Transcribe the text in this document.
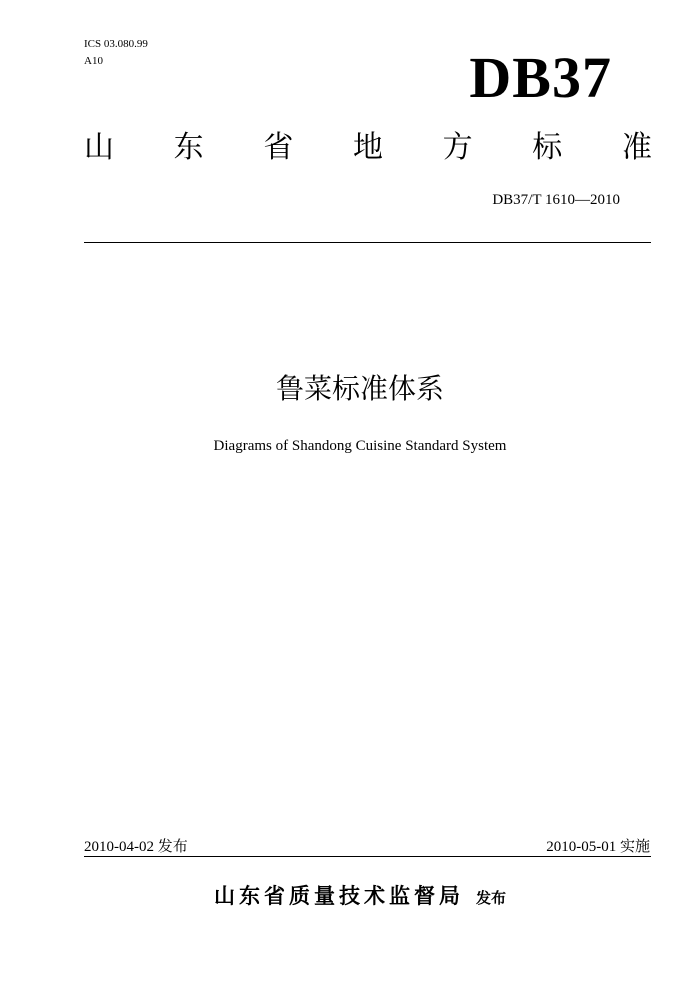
ICS 03.080.99
A10	DB37
山 东 省 地 方 标 准
DB37/T 1610—2010
鲁菜标准体系
Diagrams of Shandong Cuisine Standard System
2010-04-02 发布	2010-05-01 实施
山东省质量技术监督局 发布
